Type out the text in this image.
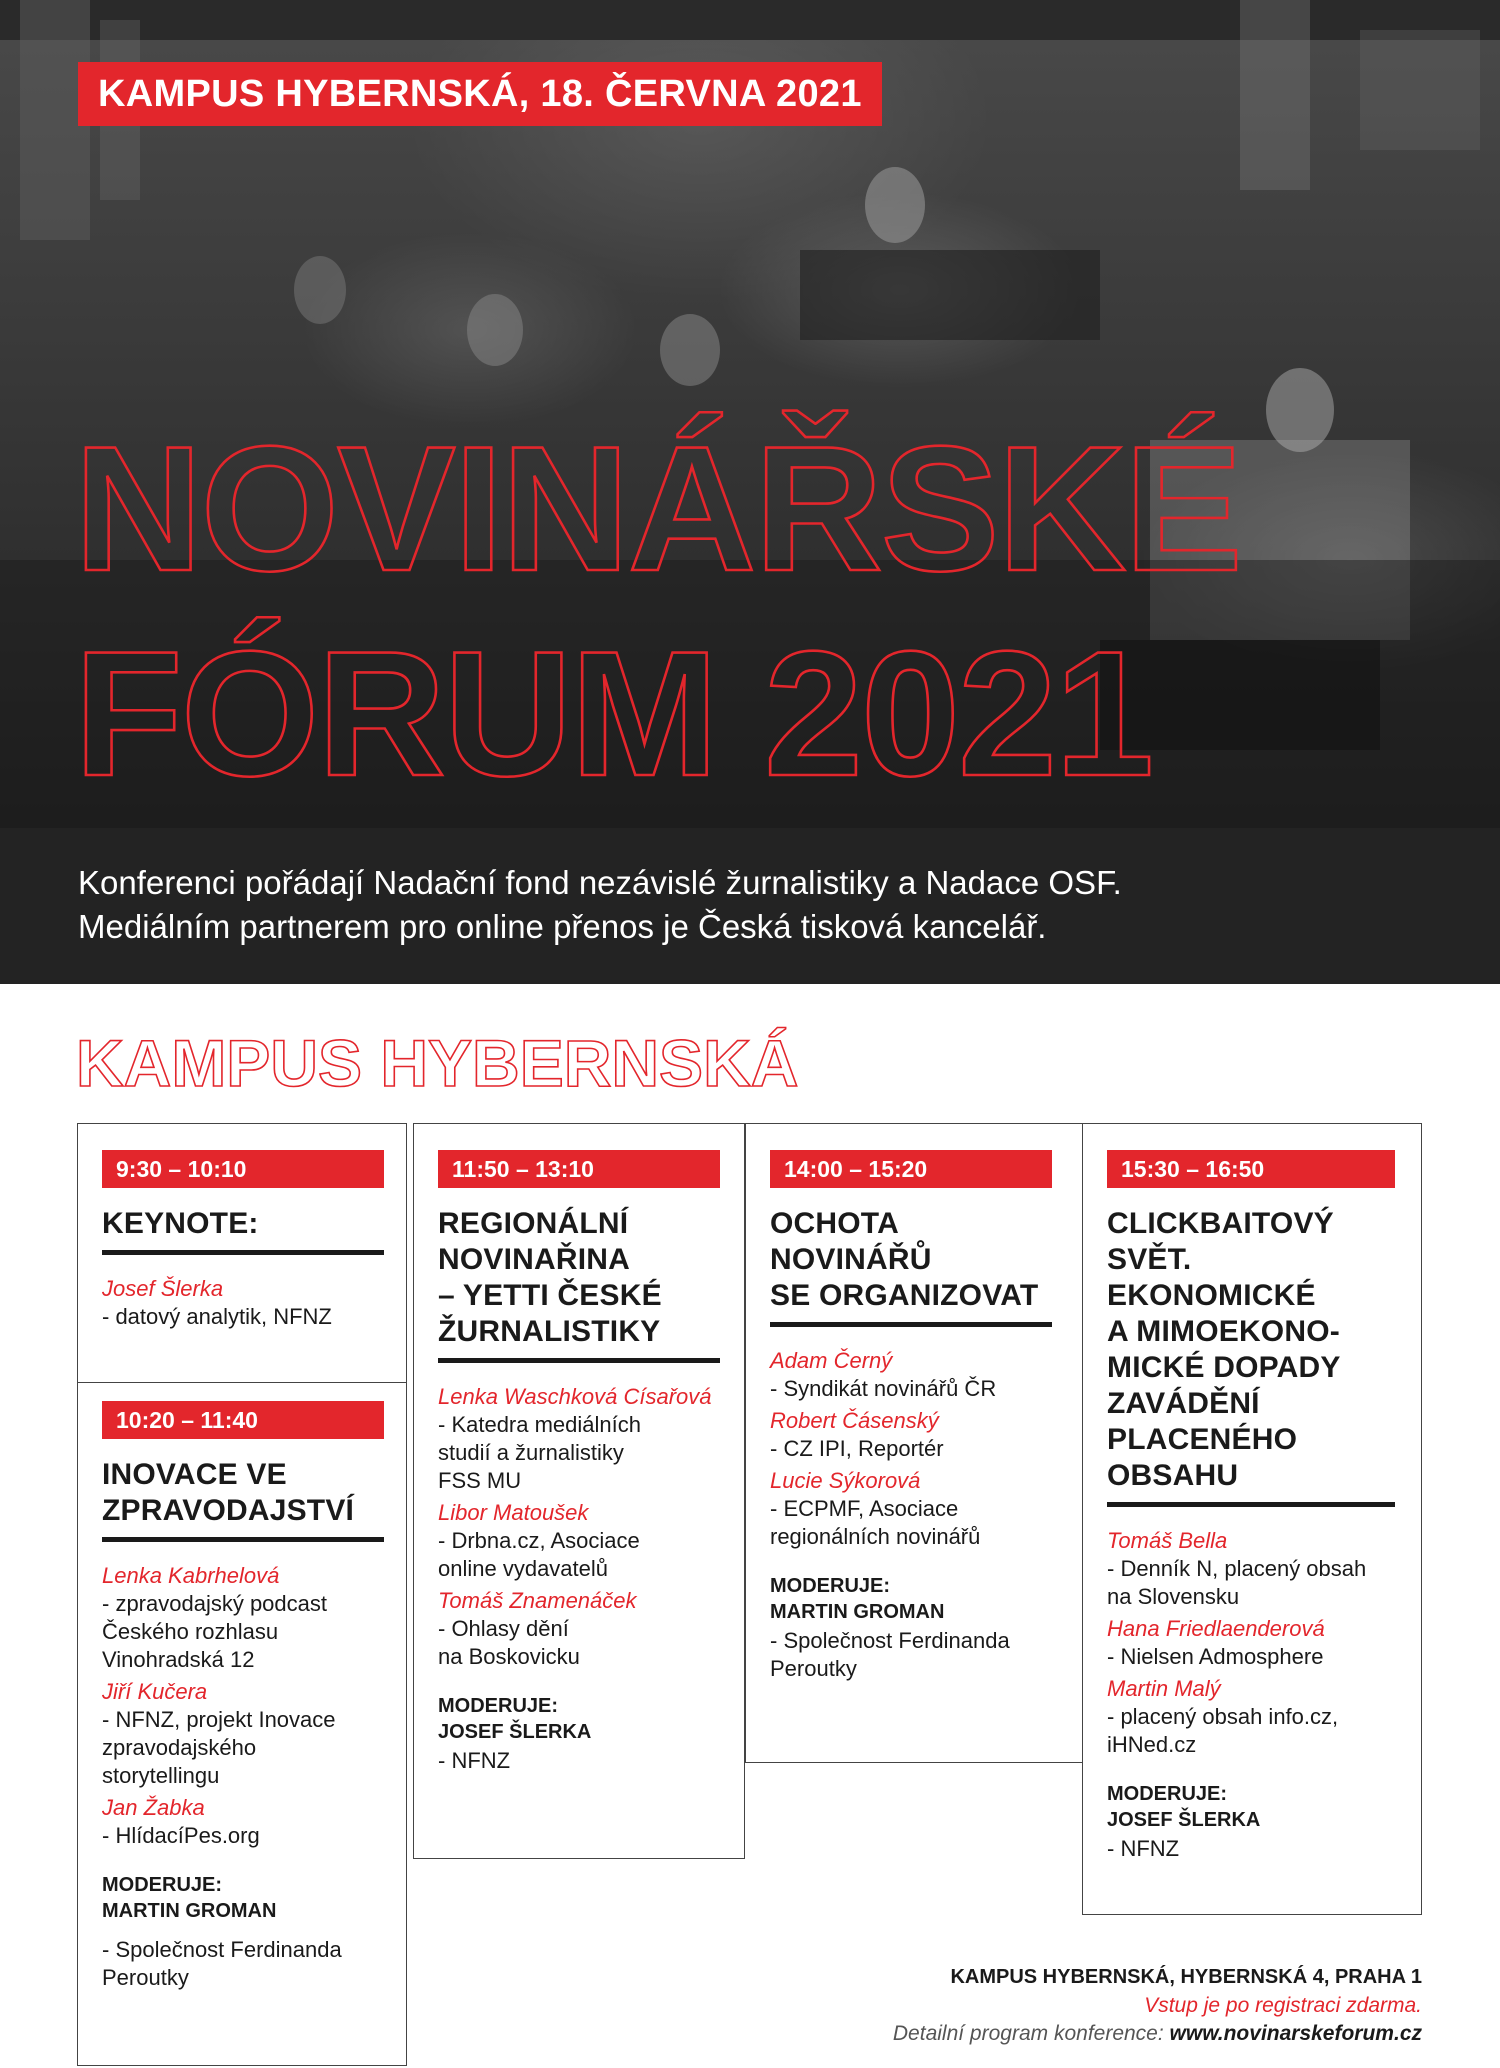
KAMPUS HYBERNSKÁ, 18. ČERVNA 2021
NOVINÁŘSKÉ
FÓRUM 2021

Konferenci pořádají Nadační fond nezávislé žurnalistiky a Nadace OSF.

Mediálním partnerem pro online přenos je Česká tisková kancelář.

KAMPUS HYBERNSKÁ
9:30 – 10:10
KEYNOTE:
Josef Šlerka
- datový analytik, NFNZ
10:20 – 11:40
INOVACE VE
ZPRAVODAJSTVÍ
Lenka Kabrhelová
- zpravodajský podcast
Českého rozhlasu
Vinohradská 12
Jiří Kučera
- NFNZ, projekt Inovace
zpravodajského
storytellingu
Jan Žabka
- HlídacíPes.org
MODERUJE:
MARTIN GROMAN
- Společnost Ferdinanda
Peroutky
11:50 – 13:10
REGIONÁLNÍ
NOVINAŘINA
– YETTI ČESKÉ
ŽURNALISTIKY
Lenka Waschková Císařová
- Katedra mediálních
studií a žurnalistiky
FSS MU
Libor Matoušek
- Drbna.cz, Asociace
online vydavatelů
Tomáš Znamenáček
- Ohlasy dění
na Boskovicku
MODERUJE:
JOSEF ŠLERKA
- NFNZ
14:00 – 15:20
OCHOTA
NOVINÁŘŮ
SE ORGANIZOVAT
Adam Černý
- Syndikát novinářů ČR
Robert Čásenský
- CZ IPI, Reportér
Lucie Sýkorová
- ECPMF, Asociace
regionálních novinářů
MODERUJE:
MARTIN GROMAN
- Společnost Ferdinanda
Peroutky
15:30 – 16:50
CLICKBAITOVÝ
SVĚT. EKONOMICKÉ
A MIMOEKONO-
MICKÉ DOPADY
ZAVÁDĚNÍ
PLACENÉHO
OBSAHU
Tomáš Bella
- Denník N, placený obsah
na Slovensku
Hana Friedlaenderová
- Nielsen Admosphere
Martin Malý
- placený obsah info.cz,
iHNed.cz
MODERUJE:
JOSEF ŠLERKA
- NFNZ
KAMPUS HYBERNSKÁ, HYBERNSKÁ 4, PRAHA 1
Vstup je po registraci zdarma.
Detailní program konference: www.novinarskeforum.cz
